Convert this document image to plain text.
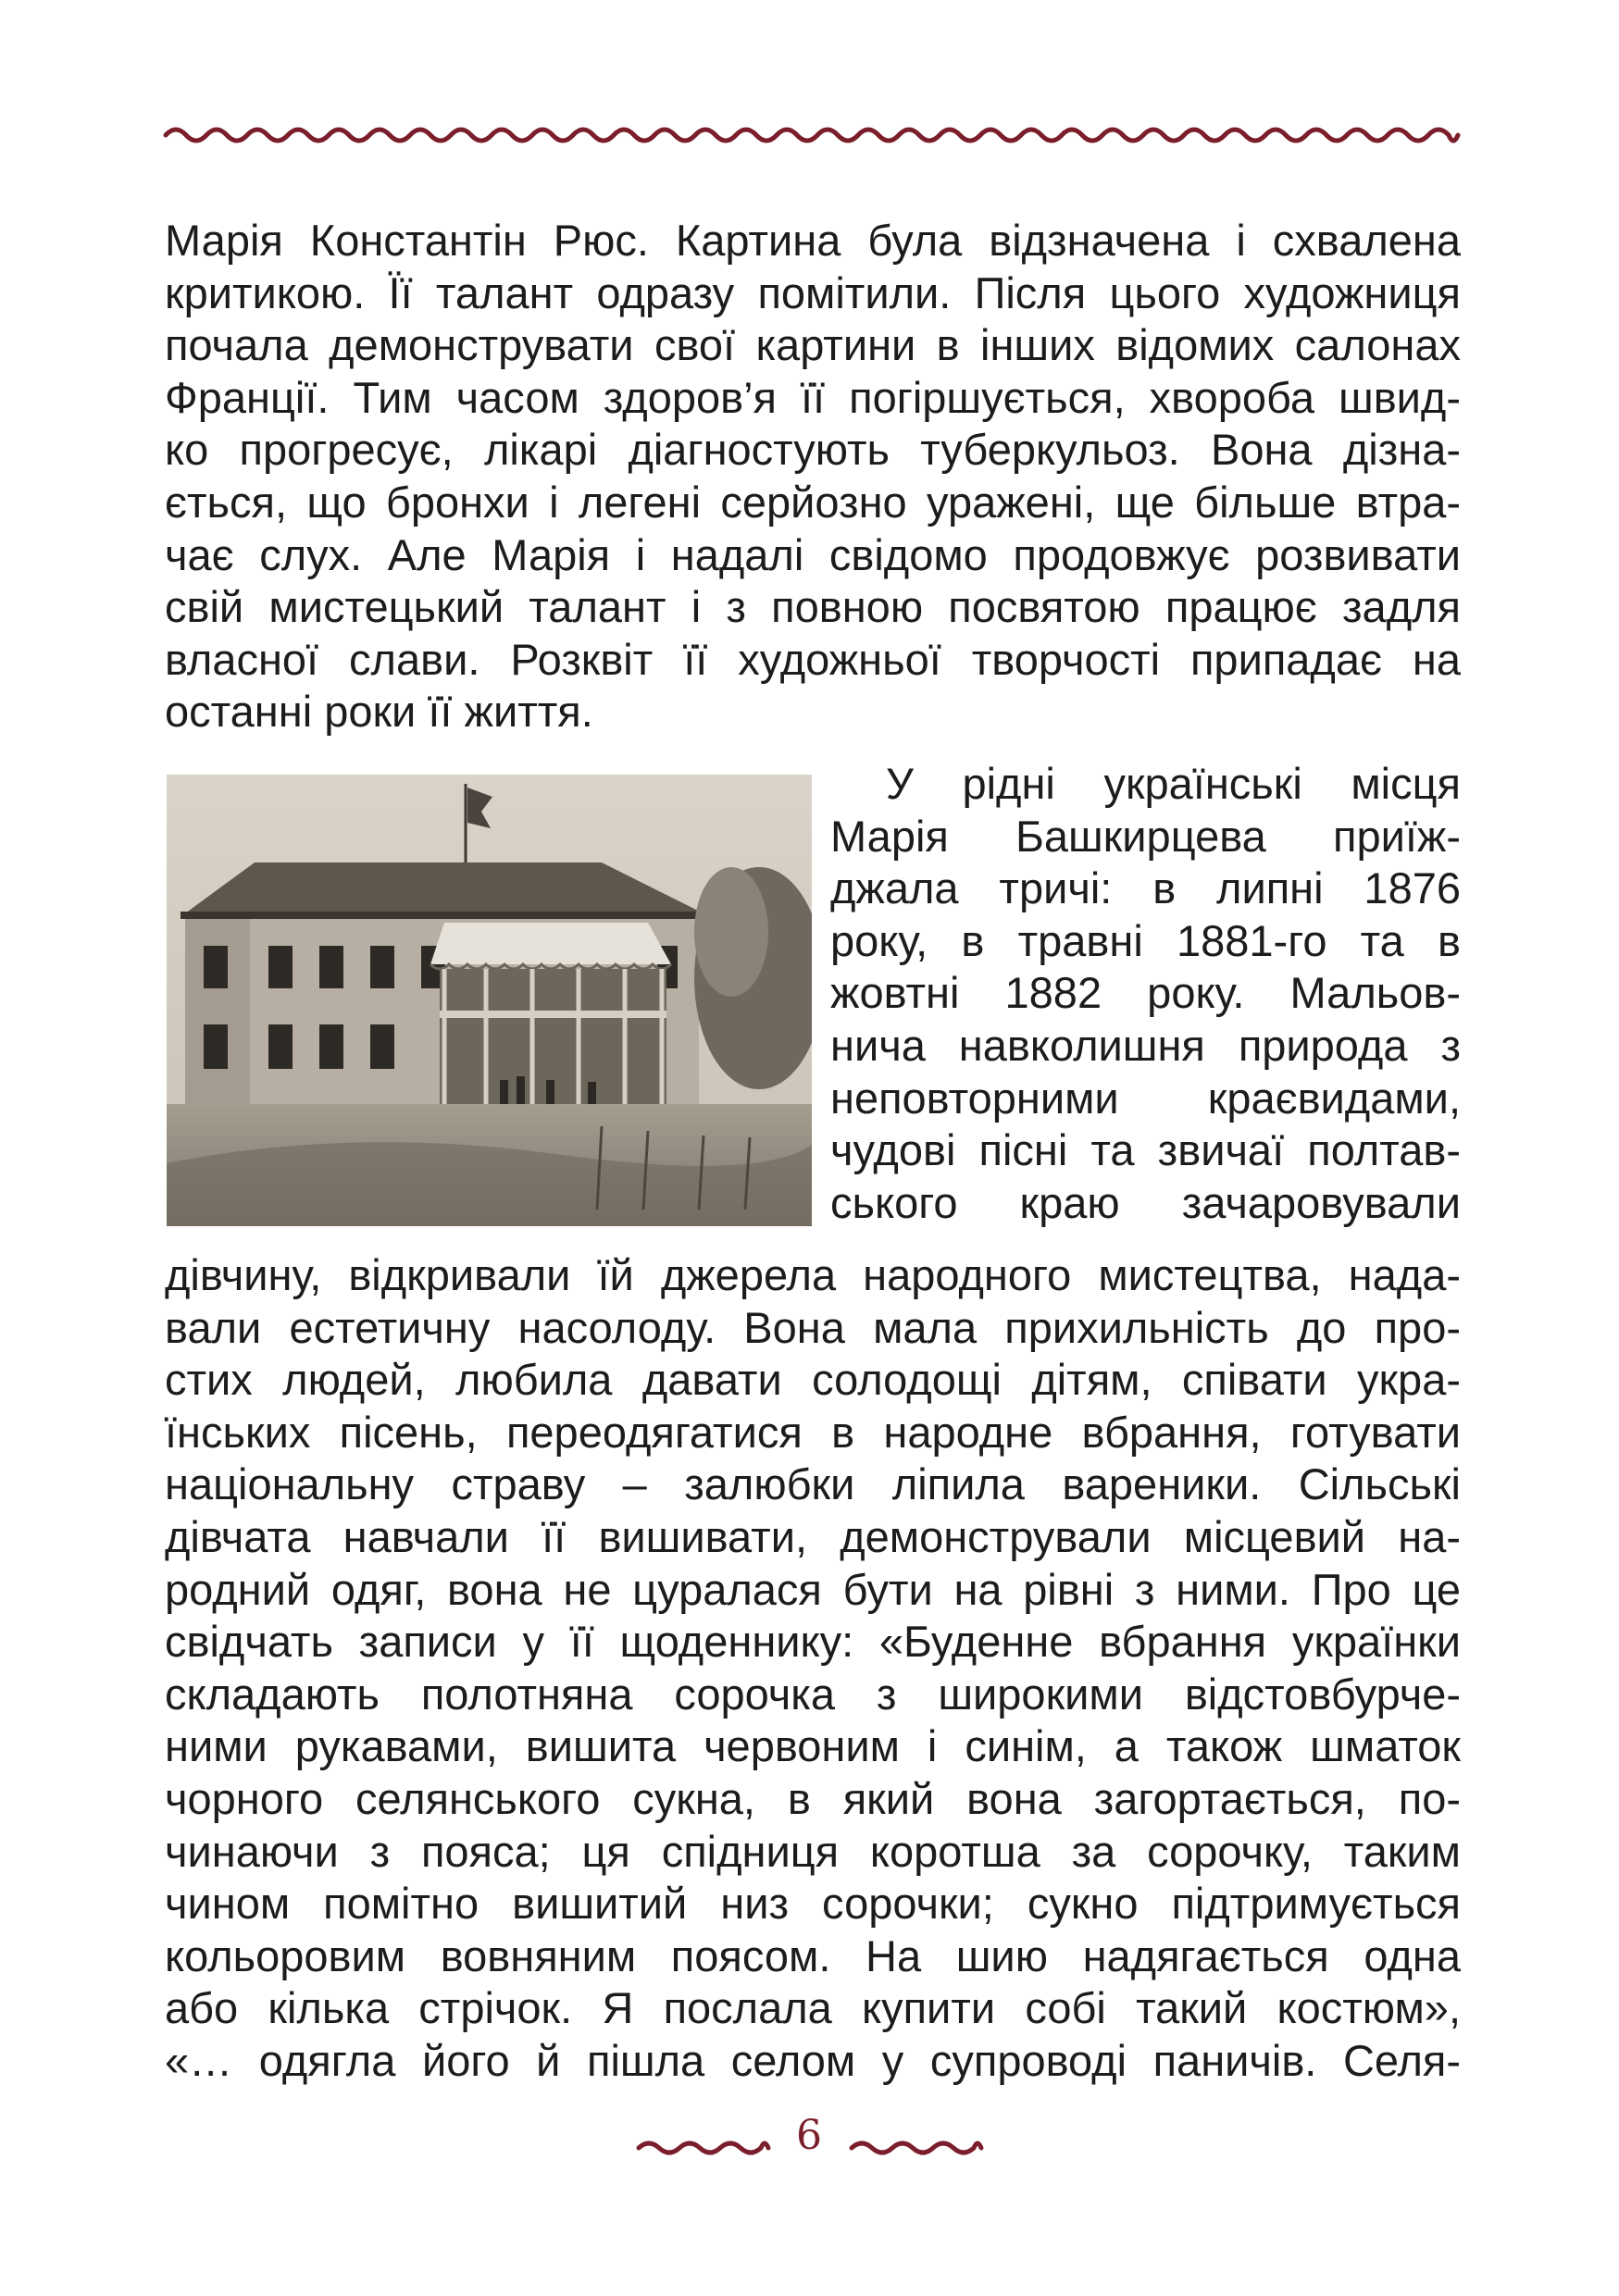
Марія Константін Рюс. Картина була відзначена і схвалена
критикою. Її талант одразу помітили. Після цього художниця
почала демонструвати свої картини в інших відомих салонах
Франції. Тим часом здоров’я її погіршується, хвороба швид-
ко прогресує, лікарі діагностують туберкульоз. Вона дізна-
ється, що бронхи і легені серйозно уражені, ще більше втра-
чає слух. Але Марія і надалі свідомо продовжує розвивати
свій мистецький талант і з повною посвятою працює задля
власної слави. Розквіт її художньої творчості припадає на
останні роки її життя.
У рідні українські місця
Марія Башкирцева приїж-
джала тричі: в липні 1876
року, в травні 1881-го та в
жовтні 1882 року. Мальов-
нича навколишня природа з
неповторними краєвидами,
чудові пісні та звичаї полтав-
ського краю зачаровували
дівчину, відкривали їй джерела народного мистецтва, нада-
вали естетичну насолоду. Вона мала прихильність до про-
стих людей, любила давати солодощі дітям, співати укра-
їнських пісень, переодягатися в народне вбрання, готувати
національну страву – залюбки ліпила вареники. Сільські
дівчата навчали її вишивати, демонстрували місцевий на-
родний одяг, вона не цуралася бути на рівні з ними. Про це
свідчать записи у її щоденнику: «Буденне вбрання українки
складають полотняна сорочка з широкими відстовбурче-
ними рукавами, вишита червоним і синім, а також шматок
чорного селянського сукна, в який вона загортається, по-
чинаючи з пояса; ця спідниця коротша за сорочку, таким
чином помітно вишитий низ сорочки; сукно підтримується
кольоровим вовняним поясом. На шию надягається одна
або кілька стрічок. Я послала купити собі такий костюм»,
«… одягла його й пішла селом у супроводі паничів. Селя-
6
